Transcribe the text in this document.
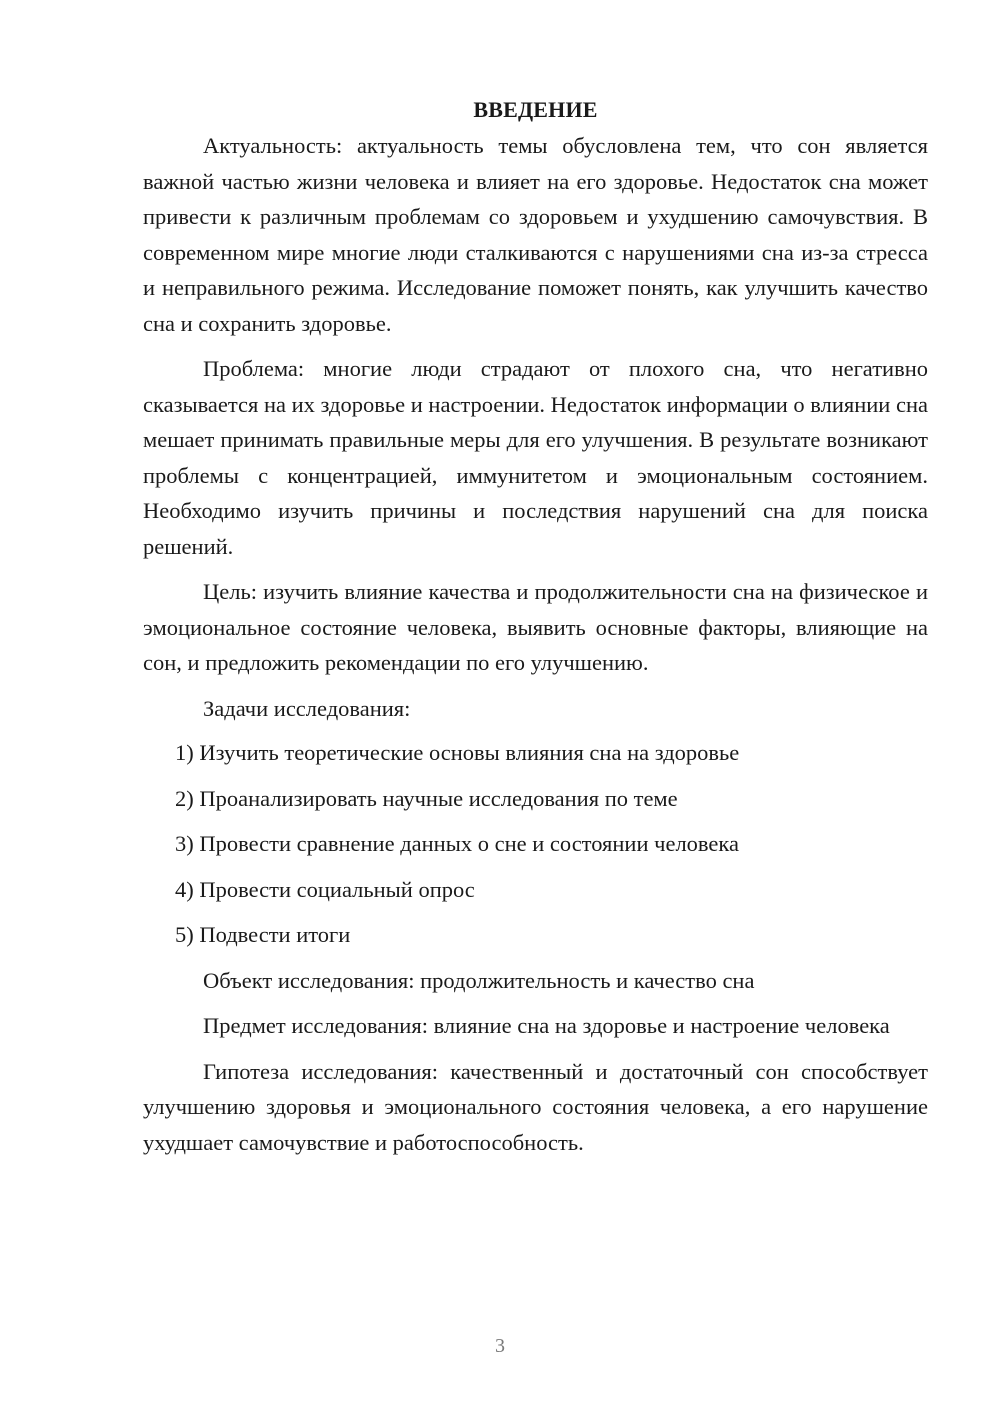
ВВЕДЕНИЕ

Актуальность: актуальность темы обусловлена тем, что сон является важной частью жизни человека и влияет на его здоровье. Недостаток сна может привести к различным проблемам со здоровьем и ухудшению самочувствия. В современном мире многие люди сталкиваются с нарушениями сна из-за стресса и неправильного режима. Исследование поможет понять, как улучшить качество сна и сохранить здоровье.

Проблема: многие люди страдают от плохого сна, что негативно сказывается на их здоровье и настроении. Недостаток информации о влиянии сна мешает принимать правильные меры для его улучшения. В результате возникают проблемы с концентрацией, иммунитетом и эмоциональным состоянием. Необходимо изучить причины и последствия нарушений сна для поиска решений.

Цель: изучить влияние качества и продолжительности сна на физическое и эмоциональное состояние человека, выявить основные факторы, влияющие на сон, и предложить рекомендации по его улучшению.

Задачи исследования:

1) Изучить теоретические основы влияния сна на здоровье
2) Проанализировать научные исследования по теме
3) Провести сравнение данных о сне и состоянии человека
4) Провести социальный опрос
5) Подвести итоги

Объект исследования: продолжительность и качество сна

Предмет исследования: влияние сна на здоровье и настроение человека

Гипотеза исследования: качественный и достаточный сон способствует улучшению здоровья и эмоционального состояния человека, а его нарушение ухудшает самочувствие и работоспособность.

3
